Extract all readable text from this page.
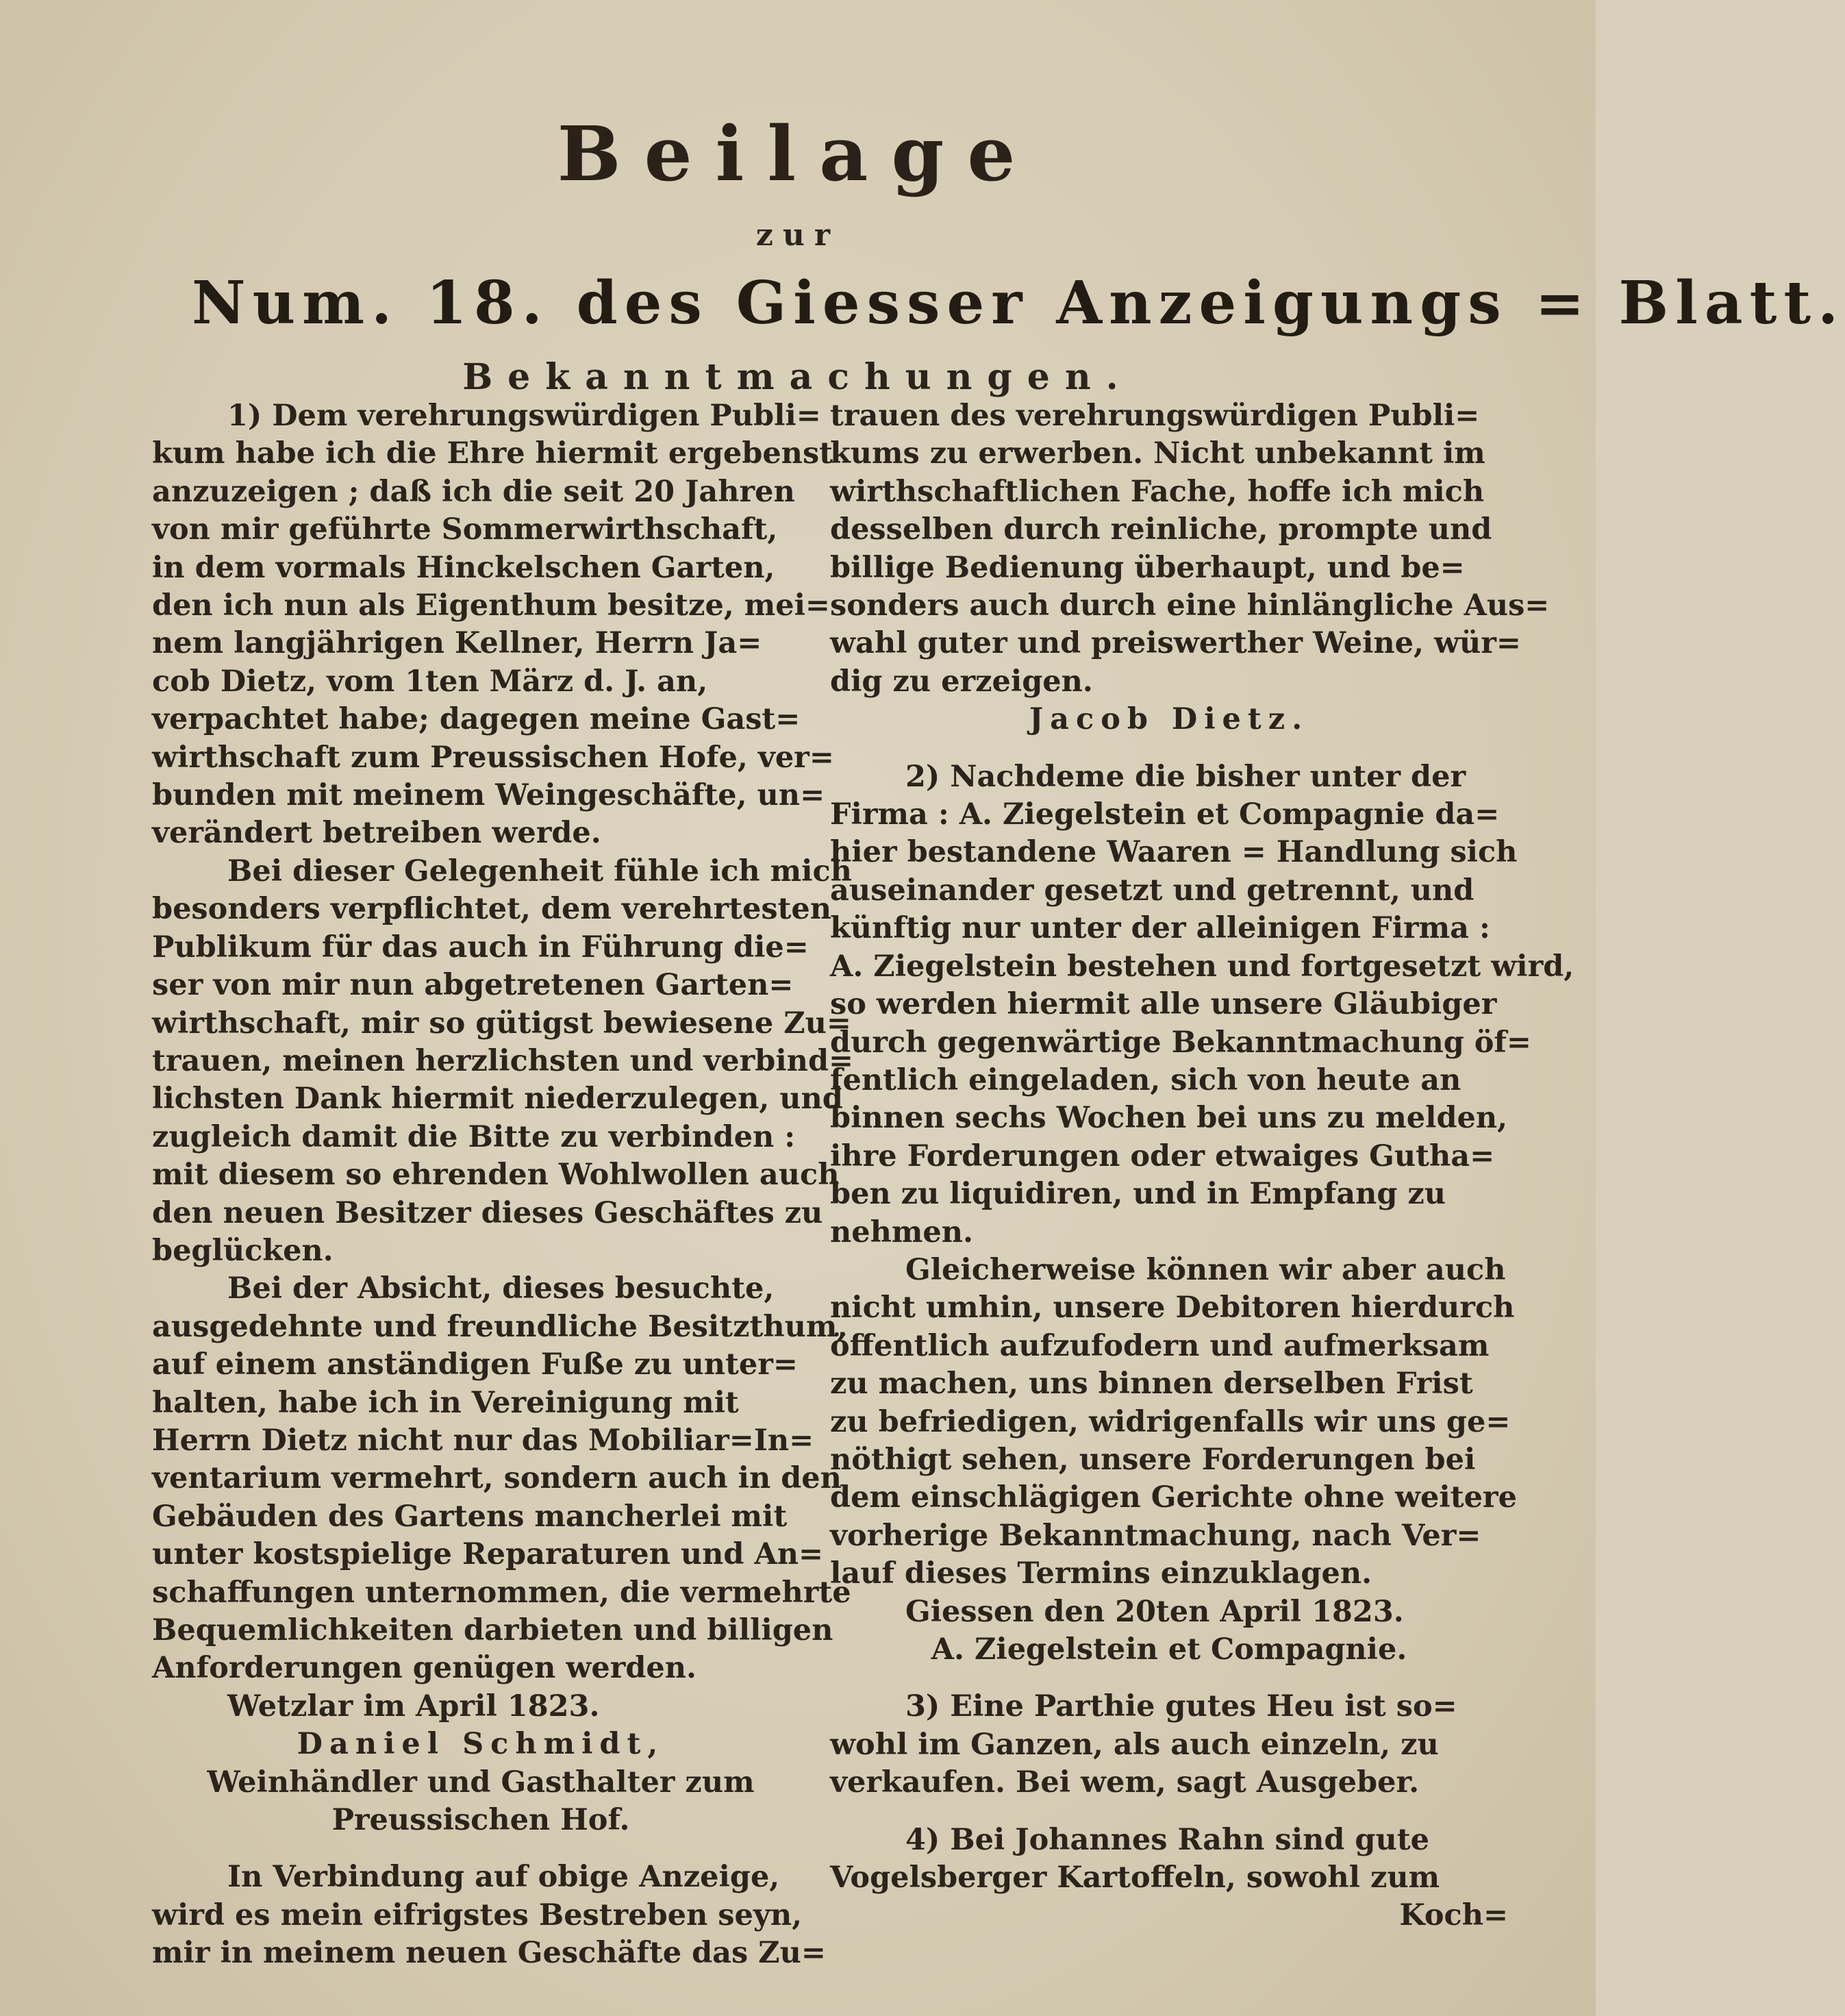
Beilage
zur
Num. 18. des Giesser Anzeigungs = Blatt.
Bekanntmachungen.
1) Dem verehrungswürdigen Publi=
kum habe ich die Ehre hiermit ergebenst
anzuzeigen ; daß ich die seit 20 Jahren
von mir geführte Sommerwirthschaft,
in dem vormals Hinckelschen Garten,
den ich nun als Eigenthum besitze, mei=
nem langjährigen Kellner, Herrn Ja=
cob Dietz, vom 1ten März d. J. an,
verpachtet habe; dagegen meine Gast=
wirthschaft zum Preussischen Hofe, ver=
bunden mit meinem Weingeschäfte, un=
verändert betreiben werde.
Bei dieser Gelegenheit fühle ich mich
besonders verpflichtet, dem verehrtesten
Publikum für das auch in Führung die=
ser von mir nun abgetretenen Garten=
wirthschaft, mir so gütigst bewiesene Zu=
trauen, meinen herzlichsten und verbind=
lichsten Dank hiermit niederzulegen, und
zugleich damit die Bitte zu verbinden :
mit diesem so ehrenden Wohlwollen auch
den neuen Besitzer dieses Geschäftes zu
beglücken.
Bei der Absicht, dieses besuchte,
ausgedehnte und freundliche Besitzthum,
auf einem anständigen Fuße zu unter=
halten, habe ich in Vereinigung mit
Herrn Dietz nicht nur das Mobiliar=In=
ventarium vermehrt, sondern auch in den
Gebäuden des Gartens mancherlei mit
unter kostspielige Reparaturen und An=
schaffungen unternommen, die vermehrte
Bequemlichkeiten darbieten und billigen
Anforderungen genügen werden.
Wetzlar im April 1823.
Daniel Schmidt,
Weinhändler und Gasthalter zum
Preussischen Hof.
In Verbindung auf obige Anzeige,
wird es mein eifrigstes Bestreben seyn,
mir in meinem neuen Geschäfte das Zu=
trauen des verehrungswürdigen Publi=
kums zu erwerben. Nicht unbekannt im
wirthschaftlichen Fache, hoffe ich mich
desselben durch reinliche, prompte und
billige Bedienung überhaupt, und be=
sonders auch durch eine hinlängliche Aus=
wahl guter und preiswerther Weine, wür=
dig zu erzeigen.
Jacob Dietz.
2) Nachdeme die bisher unter der
Firma : A. Ziegelstein et Compagnie da=
hier bestandene Waaren = Handlung sich
auseinander gesetzt und getrennt, und
künftig nur unter der alleinigen Firma :
A. Ziegelstein bestehen und fortgesetzt wird,
so werden hiermit alle unsere Gläubiger
durch gegenwärtige Bekanntmachung öf=
fentlich eingeladen, sich von heute an
binnen sechs Wochen bei uns zu melden,
ihre Forderungen oder etwaiges Gutha=
ben zu liquidiren, und in Empfang zu
nehmen.
Gleicherweise können wir aber auch
nicht umhin, unsere Debitoren hierdurch
öffentlich aufzufodern und aufmerksam
zu machen, uns binnen derselben Frist
zu befriedigen, widrigenfalls wir uns ge=
nöthigt sehen, unsere Forderungen bei
dem einschlägigen Gerichte ohne weitere
vorherige Bekanntmachung, nach Ver=
lauf dieses Termins einzuklagen.
Giessen den 20ten April 1823.
A. Ziegelstein et Compagnie.
3) Eine Parthie gutes Heu ist so=
wohl im Ganzen, als auch einzeln, zu
verkaufen. Bei wem, sagt Ausgeber.
4) Bei Johannes Rahn sind gute
Vogelsberger Kartoffeln, sowohl zum
Koch=
